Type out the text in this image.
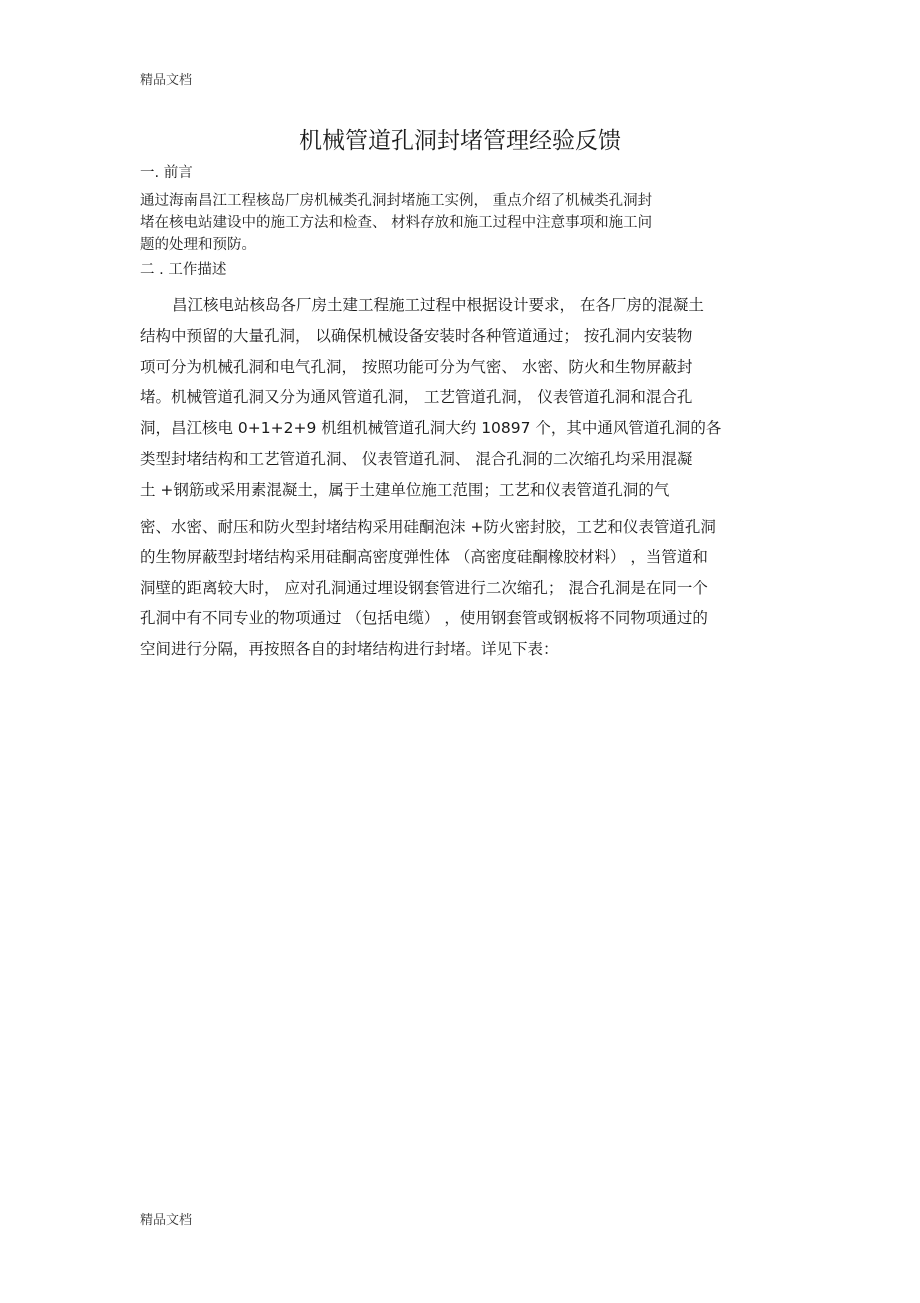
精品文档
机械管道孔洞封堵管理经验反馈
一. 前言
通过海南昌江工程核岛厂房机械类孔洞封堵施工实例， 重点介绍了机械类孔洞封
堵在核电站建设中的施工方法和检查、 材料存放和施工过程中注意事项和施工问
题的处理和预防。
二 . 工作描述
昌江核电站核岛各厂房土建工程施工过程中根据设计要求， 在各厂房的混凝土
结构中预留的大量孔洞， 以确保机械设备安装时各种管道通过； 按孔洞内安装物
项可分为机械孔洞和电气孔洞， 按照功能可分为气密、 水密、防火和生物屏蔽封
堵。机械管道孔洞又分为通风管道孔洞， 工艺管道孔洞， 仪表管道孔洞和混合孔
洞，昌江核电 0+1+2+9 机组机械管道孔洞大约 10897 个，其中通风管道孔洞的各
类型封堵结构和工艺管道孔洞、 仪表管道孔洞、 混合孔洞的二次缩孔均采用混凝
土 +钢筋或采用素混凝土，属于土建单位施工范围；工艺和仪表管道孔洞的气
密、水密、耐压和防火型封堵结构采用硅酮泡沫 +防火密封胶，工艺和仪表管道孔洞
的生物屏蔽型封堵结构采用硅酮高密度弹性体 （高密度硅酮橡胶材料） ，当管道和
洞壁的距离较大时， 应对孔洞通过埋设钢套管进行二次缩孔； 混合孔洞是在同一个
孔洞中有不同专业的物项通过 （包括电缆） ，使用钢套管或钢板将不同物项通过的
空间进行分隔，再按照各自的封堵结构进行封堵。详见下表：
精品文档
